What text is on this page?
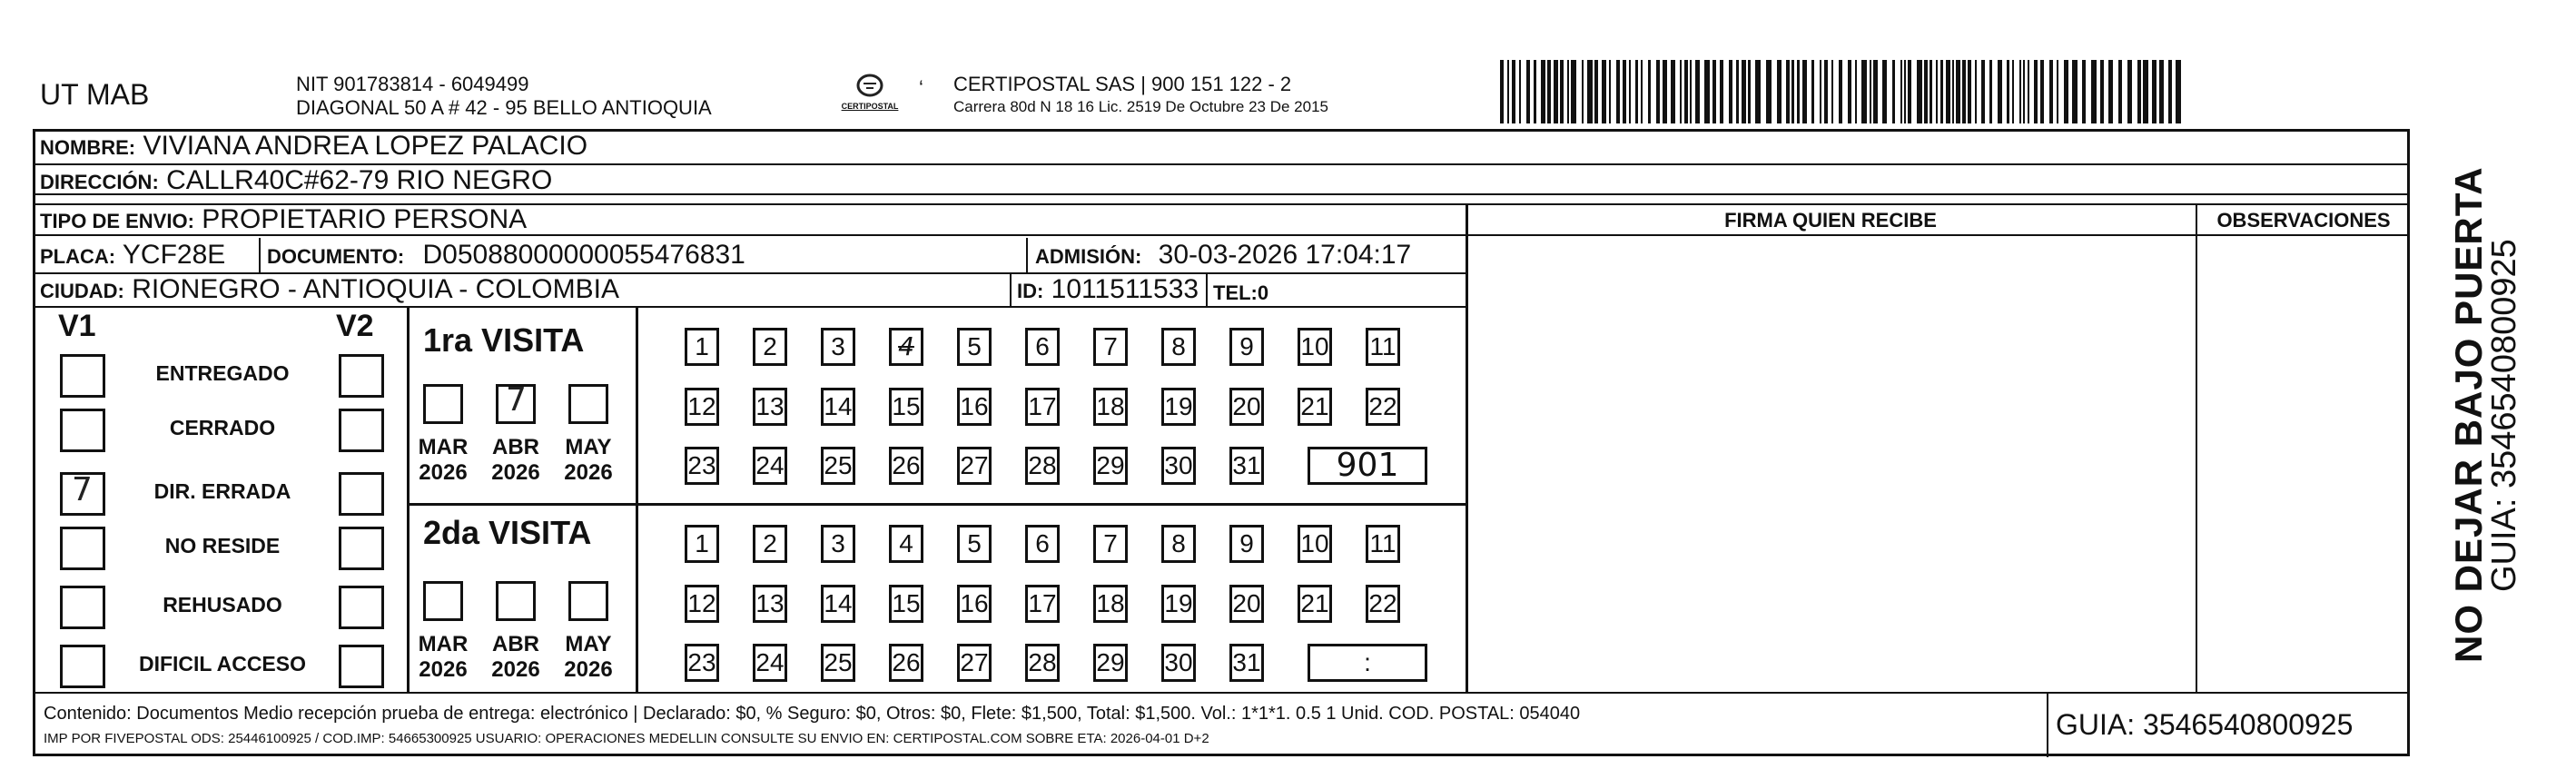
UT MAB	NIT 901783814 - 6049499
DIAGONAL 50 A # 42 - 95 BELLO ANTIOQUIA	CERTIPOSTAL
‘ CERTIPOSTAL SAS | 900 151 122 - 2
Carrera 80d N 18 16 Lic. 2519 De Octubre 23 De 2015
NOMBRE: VIVIANA ANDREA LOPEZ PALACIO
DIRECCIÓN: CALLR40C#62-79 RIO NEGRO
TIPO DE ENVIO: PROPIETARIO PERSONA	FIRMA QUIEN RECIBE	OBSERVACIONES
PLACA: YCF28E DOCUMENTO: D05088000000055476831	ADMISIÓN: 30-03-2026 17:04:17
CIUDAD: RIONEGRO - ANTIOQUIA - COLOMBIA	ID: 1011511533 TEL:0
V1	V2
ENTREGADO
CERRADO
7	DIR. ERRADA
NO RESIDE
REHUSADO
DIFICIL ACCESO
1ra VISITA
2da VISITA
MAR
2026
7
ABR
2026
MAY
2026
1	2	3	4	5	6	7	8	9	10 11
12 13 14 15 16 17 18 19 20 21 22
23 24 25 26 27 28 29 30 31	901
MAR
2026
ABR
2026
MAY
2026
1	2	3	4	5	6	7	8	9	10 11
12 13 14 15 16 17 18 19 20 21 22
23 24 25 26 27 28 29 30 31	:
Contenido: Documentos Medio recepción prueba de entrega: electrónico | Declarado: $0, % Seguro: $0, Otros: $0, Flete: $1,500, Total: $1,500. Vol.: 1*1*1. 0.5 1 Unid. COD. POSTAL: 054040
IMP POR FIVEPOSTAL ODS: 25446100925 / COD.IMP: 54665300925 USUARIO: OPERACIONES MEDELLIN CONSULTE SU ENVIO EN: CERTIPOSTAL.COM SOBRE ETA: 2026-04-01 D+2	GUIA: 3546540800925
NO DEJAR BAJO PUERTA
GUIA: 3546540800925
